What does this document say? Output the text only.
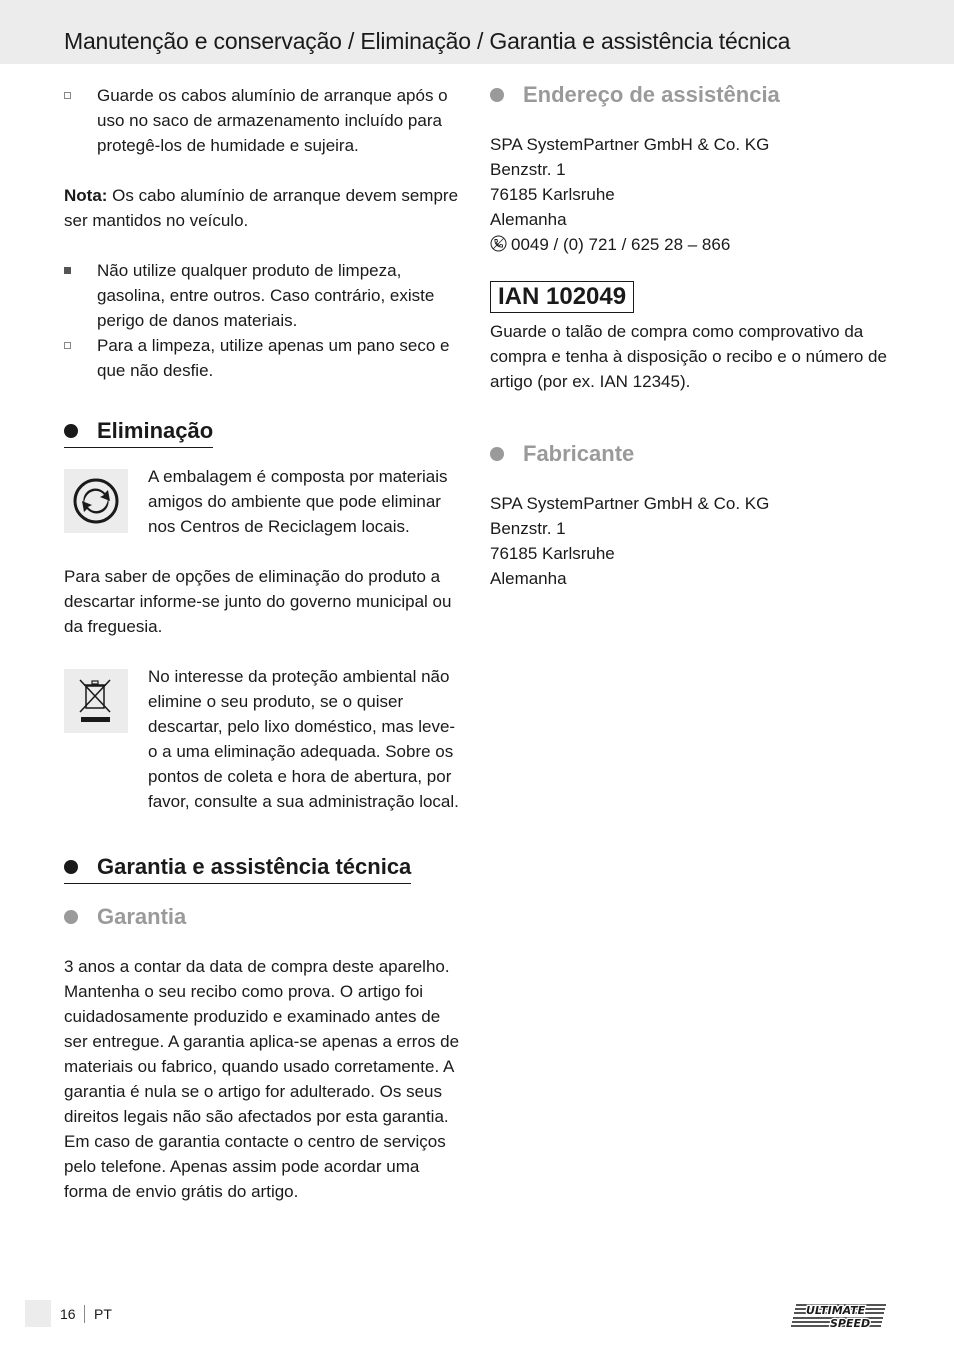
Manutenção e conservação / Eliminação / Garantia e assistência técnica

Guarde os cabos alumínio de arranque após o uso no saco de armazenamento incluído para protegê-los de humidade e sujeira.

Nota: Os cabo alumínio de arranque devem sempre ser mantidos no veículo.

Não utilize qualquer produto de limpeza, gasolina, entre outros. Caso contrário, existe perigo de danos materiais.

Para a limpeza, utilize apenas um pano seco e que não desfie.

Eliminação

A embalagem é composta por materiais amigos do ambiente que pode eliminar nos Centros de Reciclagem locais.

Para saber de opções de eliminação do produto a descartar informe-se junto do governo municipal ou da freguesia.

No interesse da proteção ambiental não elimine o seu produto, se o quiser descartar, pelo lixo doméstico, mas leve-o a uma eliminação adequada. Sobre os pontos de coleta e hora de abertura, por favor, consulte a sua administração local.

Garantia e assistência técnica
Garantia

3 anos a contar da data de compra deste aparelho. Mantenha o seu recibo como prova. O artigo foi cuidadosamente produzido e examinado antes de ser entregue. A garantia aplica-se apenas a erros de materiais ou fabrico, quando usado corretamente. A garantia é nula se o artigo for adulterado. Os seus direitos legais não são afectados por esta garantia. Em caso de garantia contacte o centro de serviços pelo telefone. Apenas assim pode acordar uma forma de envio grátis do artigo.

Endereço de assistência

SPA SystemPartner GmbH & Co. KG

Benzstr. 1

76185 Karlsruhe

Alemanha

0049 / (0) 721 / 625 28 – 866

IAN 102049

Guarde o talão de compra como comprovativo da compra e tenha à disposição o recibo e o número de artigo (por ex. IAN 12345).

Fabricante

SPA SystemPartner GmbH & Co. KG

Benzstr. 1

76185 Karlsruhe

Alemanha

16 PT	ULTIMATE
SPEED
